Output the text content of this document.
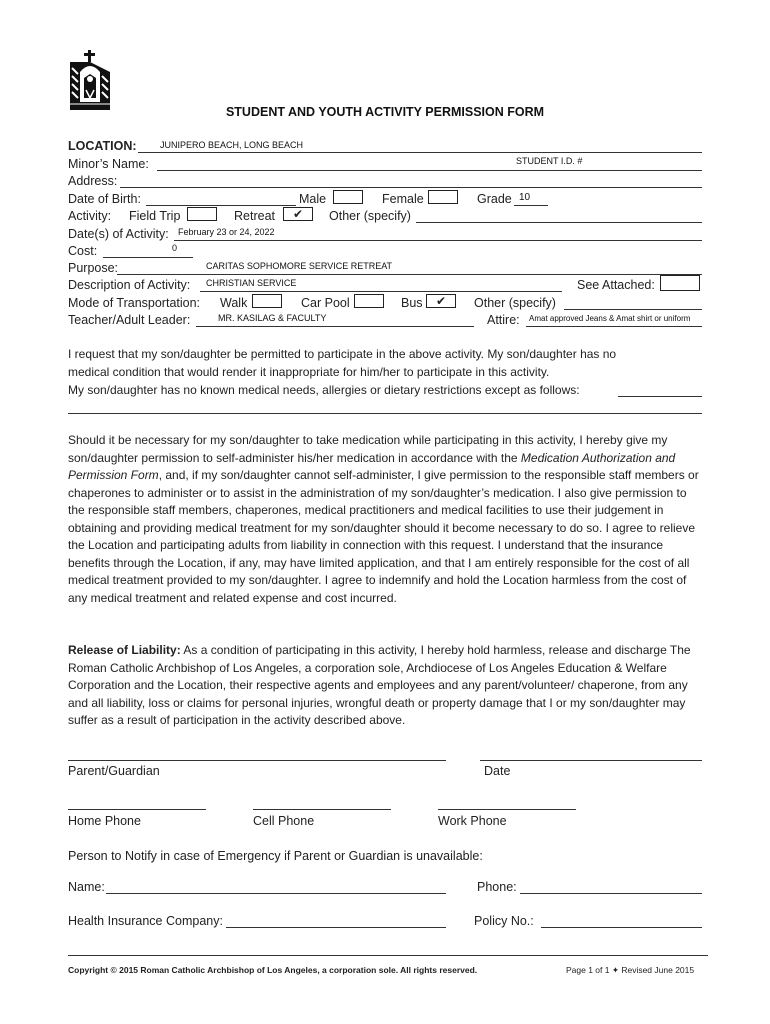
STUDENT AND YOUTH ACTIVITY PERMISSION FORM
LOCATION:	JUNIPERO BEACH, LONG BEACH
Minor’s Name:	STUDENT I.D. #
Address:
Date of Birth:	Male	Female	Grade 10
Activity: Field Trip	Retreat	✔	Other (specify)
Date(s) of Activity: February 23 or 24, 2022
Cost:	0
Purpose:	CARITAS SOPHOMORE SERVICE RETREAT
Description of Activity: CHRISTIAN SERVICE	See Attached:
Mode of Transportation: Walk	Car Pool	Bus	✔	Other (specify)
Teacher/Adult Leader:	MR. KASILAG & FACULTY	Attire: Amat approved Jeans & Amat shirt or uniform
I request that my son/daughter be permitted to participate in the above activity. My son/daughter has no
medical condition that would render it inappropriate for him/her to participate in this activity.
My son/daughter has no known medical needs, allergies or dietary restrictions except as follows:

Should it be necessary for my son/daughter to take medication while participating in this activity, I hereby give my son/daughter permission to self-administer his/her medication in accordance with the Medication Authorization and Permission Form, and, if my son/daughter cannot self-administer, I give permission to the responsible staff members or chaperones to administer or to assist in the administration of my son/daughter’s medication. I also give permission to the responsible staff members, chaperones, medical practitioners and medical facilities to use their judgement in obtaining and providing medical treatment for my son/daughter should it become necessary to do so. I agree to relieve the Location and participating adults from liability in connection with this request. I understand that the insurance benefits through the Location, if any, may have limited application, and that I am entirely responsible for the cost of all medical treatment provided to my son/daughter. I agree to indemnify and hold the Location harmless from the cost of any medical treatment and related expense and cost incurred.

Release of Liability: As a condition of participating in this activity, I hereby hold harmless, release and discharge The Roman Catholic Archbishop of Los Angeles, a corporation sole, Archdiocese of Los Angeles Education & Welfare Corporation and the Location, their respective agents and employees and any parent/volunteer/ chaperone, from any and all liability, loss or claims for personal injuries, wrongful death or property damage that I or my son/daughter may suffer as a result of participation in the activity described above.

Parent/Guardian	Date
Home Phone	Cell Phone	Work Phone
Person to Notify in case of Emergency if Parent or Guardian is unavailable:
Name:	Phone:
Health Insurance Company:	Policy No.:
Copyright © 2015 Roman Catholic Archbishop of Los Angeles, a corporation sole. All rights reserved.	Page 1 of 1 ✦ Revised June 2015
